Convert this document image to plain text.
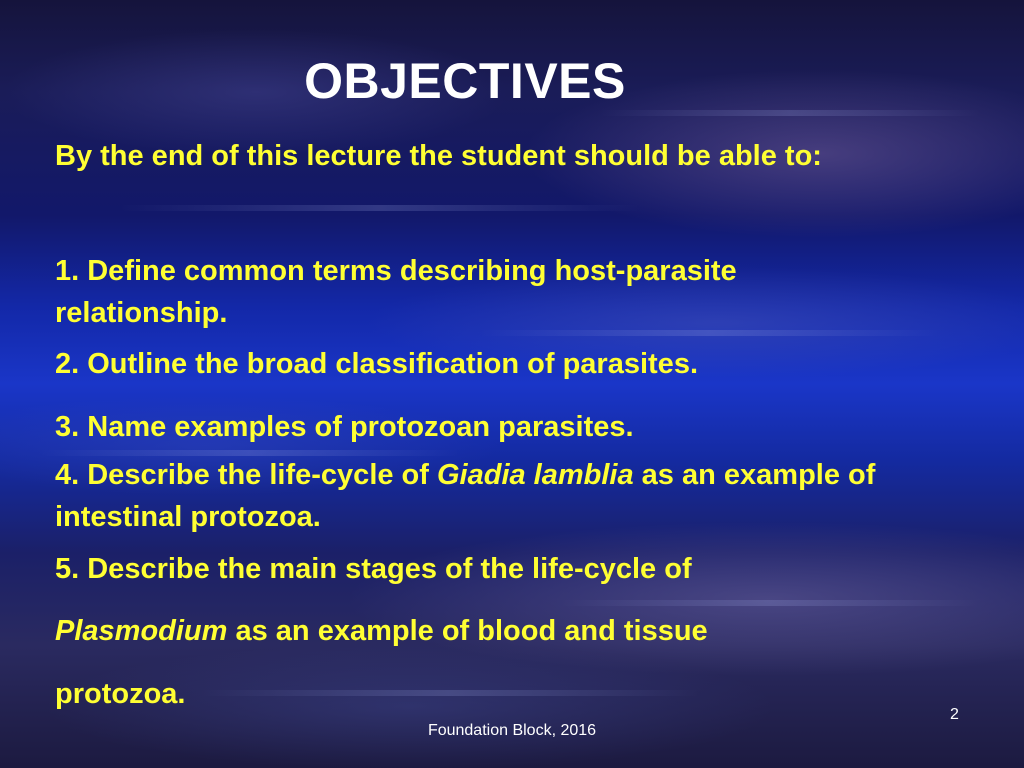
OBJECTIVES

By the end of this lecture the student should be able to:

1. Define common terms describing host-parasite relationship.

2. Outline the broad classification of parasites.

3. Name examples of protozoan parasites.

4. Describe the life-cycle of Giadia lamblia as an example of intestinal protozoa.

5. Describe the main stages of the life-cycle of

Plasmodium as an example of blood and tissue

protozoa.

2
Foundation Block, 2016
